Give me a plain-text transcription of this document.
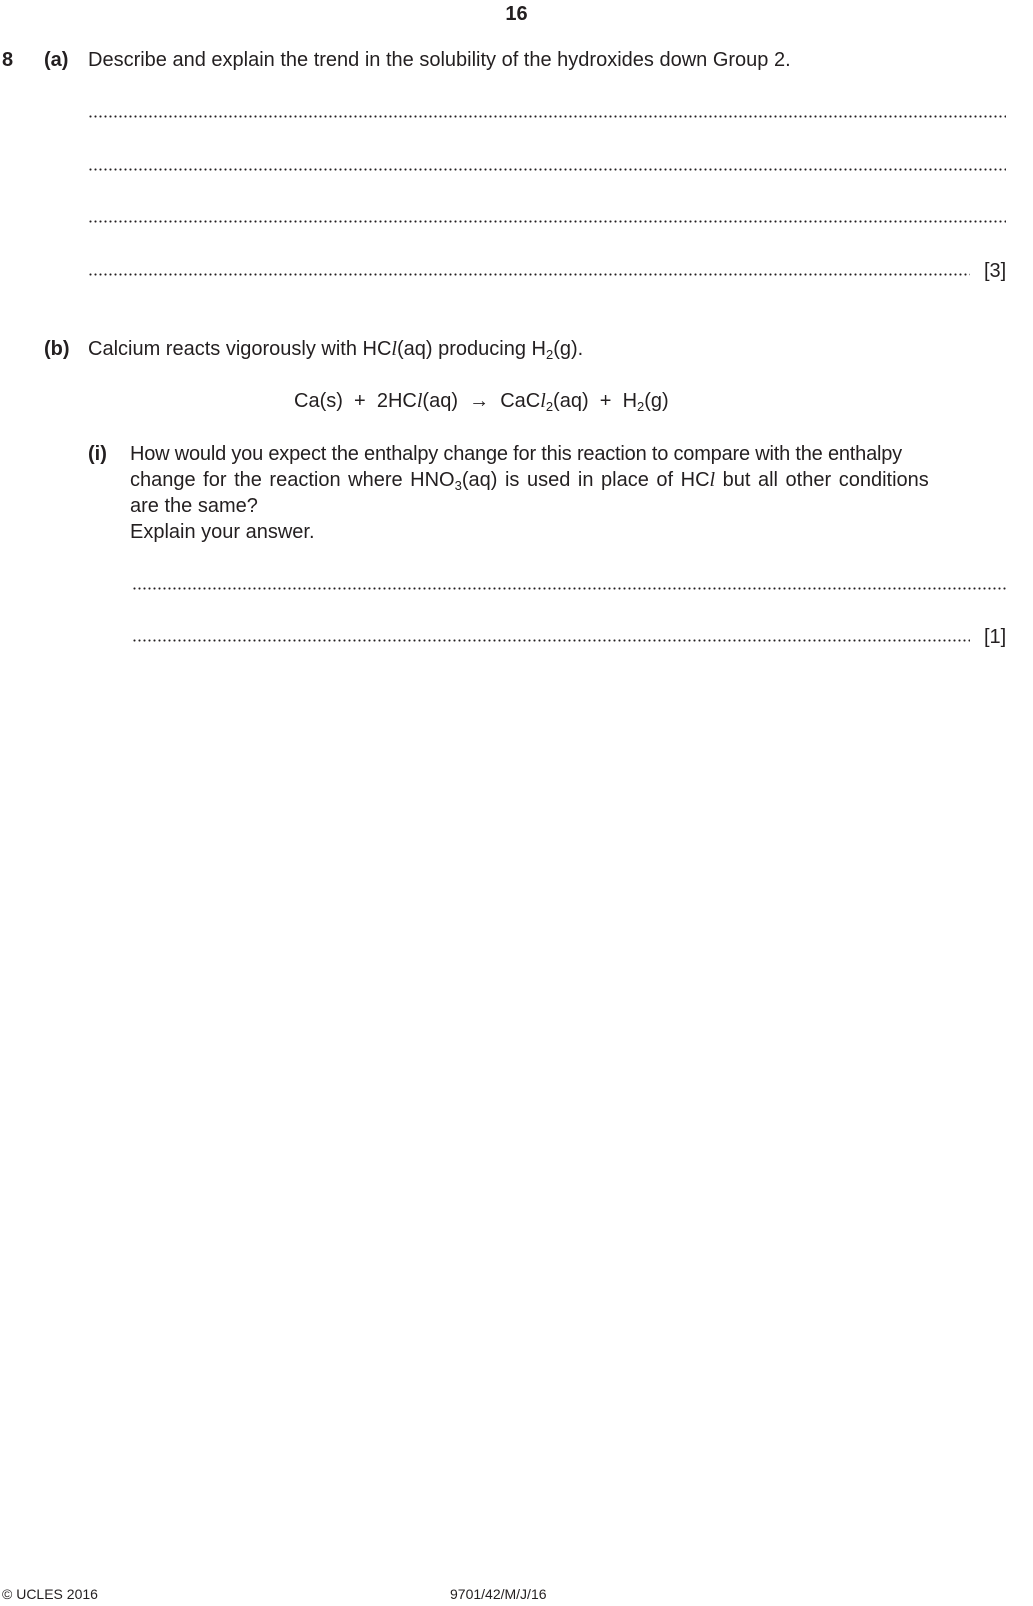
16
8 (a) Describe and explain the trend in the solubility of the hydroxides down Group 2.
[3]
(b) Calcium reacts vigorously with HCl(aq) producing $H_2(g)$.
Ca(s) + 2HCl(aq) → CaCl$_2$(aq) + $H_2(g)$
(i) How would you expect the enthalpy change for this reaction to compare with the enthalpy
change for the reaction where $HNO_3(aq)$ is used in place of HCl but all other conditions
are the same?
Explain your answer.
[1]
© UCLES 2016	9701/42/M/J/16
